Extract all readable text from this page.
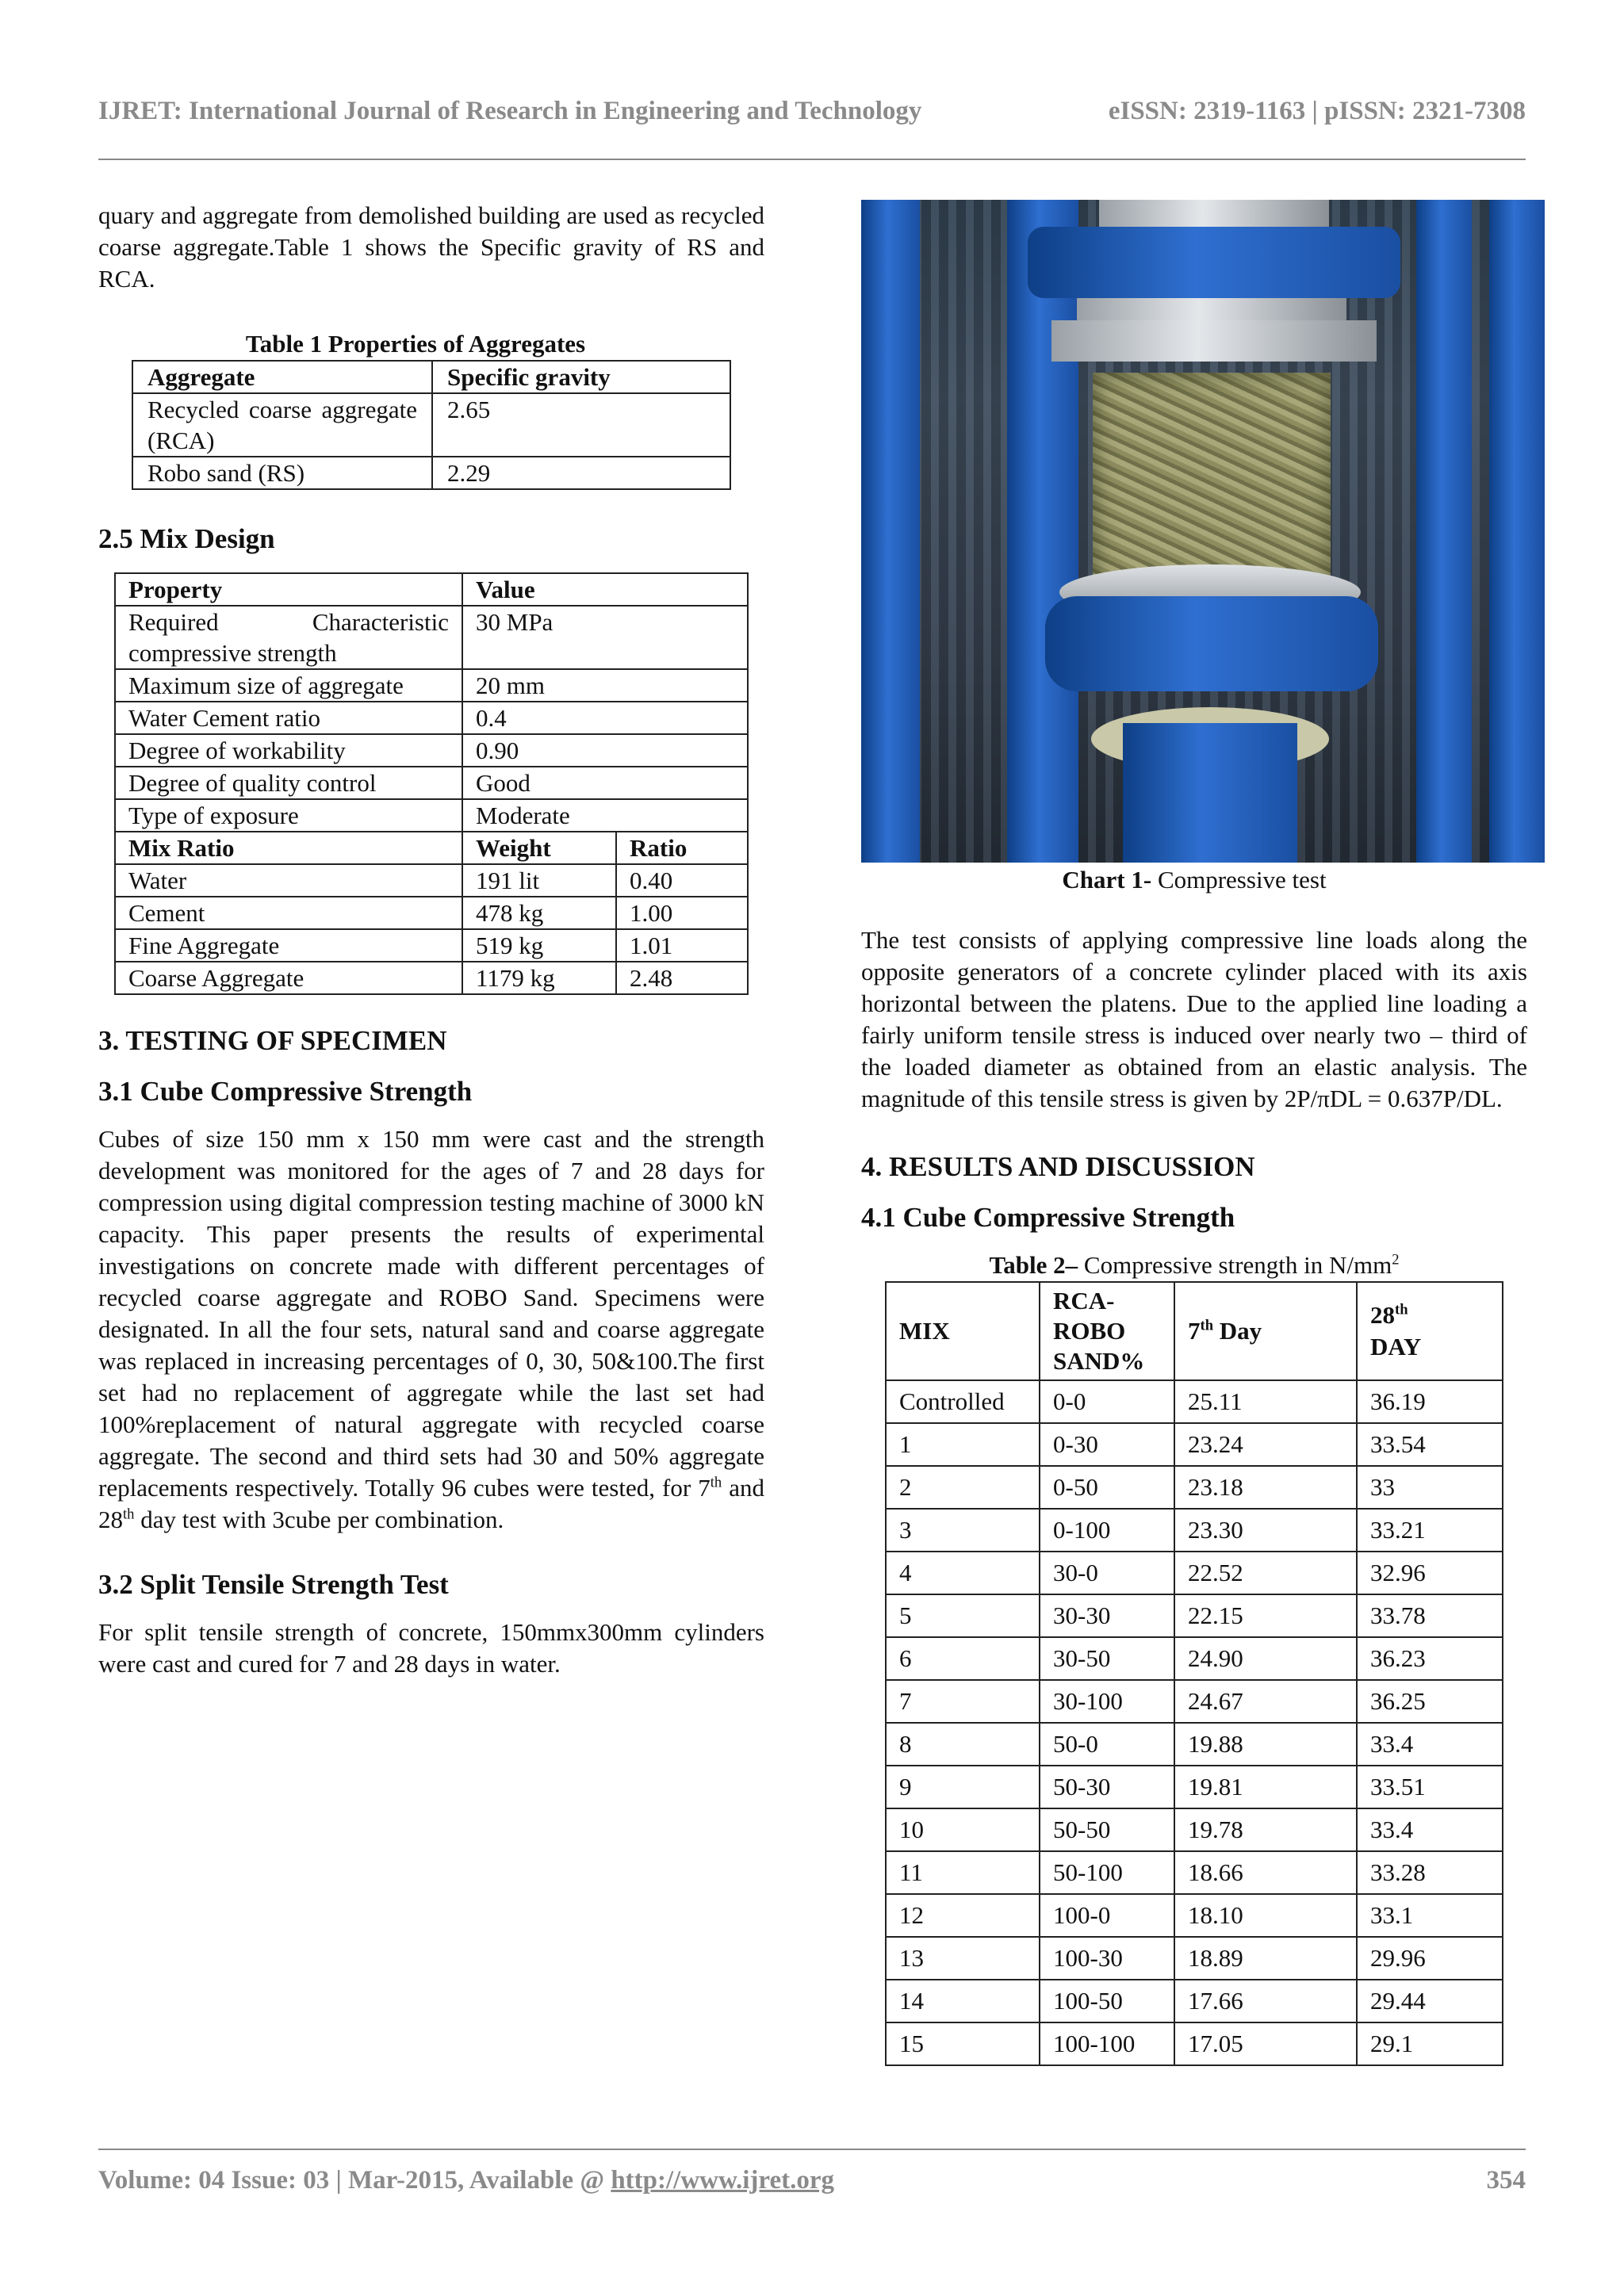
IJRET: International Journal of Research in Engineering and Technology	eISSN: 2319-1163 | pISSN: 2321-7308

quary and aggregate from demolished building are used as recycled coarse aggregate.Table 1 shows the Specific gravity of RS and RCA.

Table 1 Properties of Aggregates
Aggregate	Specific gravity
Recycled coarse aggregate (RCA)	2.65
Robo sand (RS)	2.29
2.5 Mix Design
Property	Value	
Required Characteristic compressive strength	30 MPa	
Maximum size of aggregate	20 mm	
Water Cement ratio	0.4	
Degree of workability	0.90	
Degree of quality control	Good	
Type of exposure	Moderate	
Mix Ratio	Weight	Ratio
Water	191 lit	0.40
Cement	478 kg	1.00
Fine Aggregate	519 kg	1.01
Coarse Aggregate	1179 kg	2.48
3. TESTING OF SPECIMEN
3.1 Cube Compressive Strength

Cubes of size 150 mm x 150 mm were cast and the strength development was monitored for the ages of 7 and 28 days for compression using digital compression testing machine of 3000 kN capacity. This paper presents the results of experimental investigations on concrete made with different percentages of recycled coarse aggregate and ROBO Sand. Specimens were designated. In all the four sets, natural sand and coarse aggregate was replaced in increasing percentages of 0, 30, 50&100.The first set had no replacement of aggregate while the last set had 100%replacement of natural aggregate with recycled coarse aggregate. The second and third sets had 30 and 50% aggregate replacements respectively. Totally 96 cubes were tested, for 7th and 28th day test with 3cube per combination.

3.2 Split Tensile Strength Test

For split tensile strength of concrete, 150mmx300mm cylinders were cast and cured for 7 and 28 days in water.

Chart 1- Compressive test

The test consists of applying compressive line loads along the opposite generators of a concrete cylinder placed with its axis horizontal between the platens. Due to the applied line loading a fairly uniform tensile stress is induced over nearly two – third of the loaded diameter as obtained from an elastic analysis. The magnitude of this tensile stress is given by 2P/πDL = 0.637P/DL.

4. RESULTS AND DISCUSSION
4.1 Cube Compressive Strength
Table 2– Compressive strength in $N/mm^2$
MIX	RCA-ROBO SAND%	7th Day	28th
DAY
Controlled	0-0	25.11	36.19
1	0-30	23.24	33.54
2	0-50	23.18	33
3	0-100	23.30	33.21
4	30-0	22.52	32.96
5	30-30	22.15	33.78
6	30-50	24.90	36.23
7	30-100	24.67	36.25
8	50-0	19.88	33.4
9	50-30	19.81	33.51
10	50-50	19.78	33.4
11	50-100	18.66	33.28
12	100-0	18.10	33.1
13	100-30	18.89	29.96
14	100-50	17.66	29.44
15	100-100	17.05	29.1
Volume: 04 Issue: 03 | Mar-2015, Available @ http://www.ijret.org	354
